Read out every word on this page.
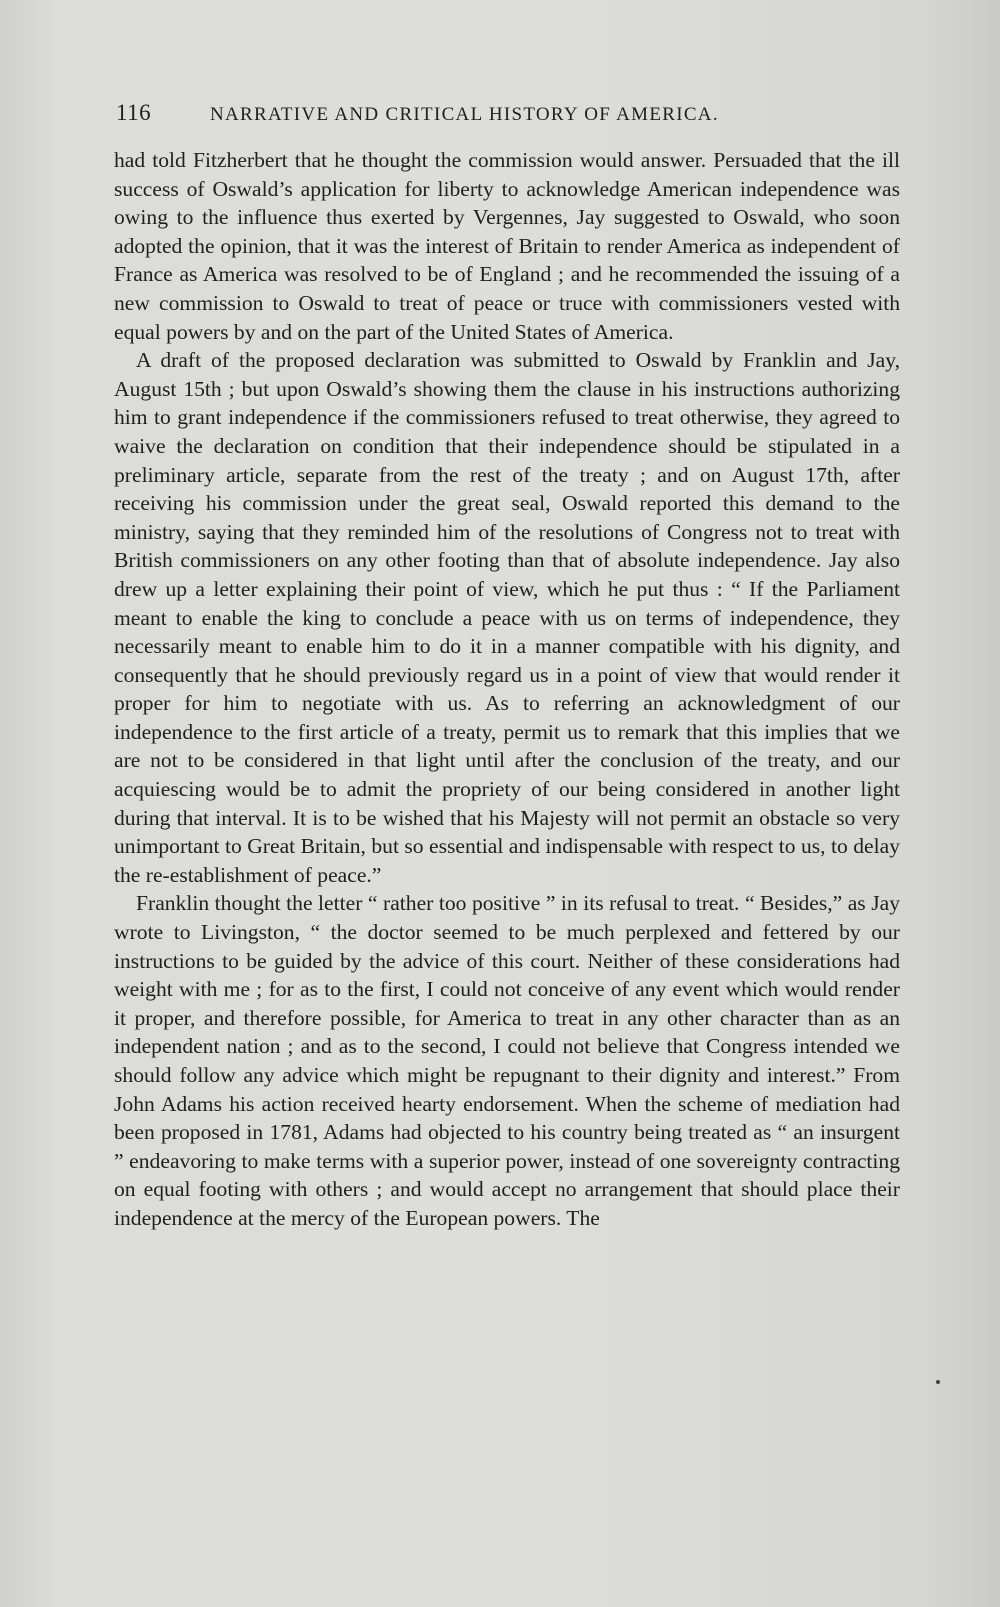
116	NARRATIVE AND CRITICAL HISTORY OF AMERICA.

had told Fitzherbert that he thought the commission would answer. Persuaded that the ill success of Oswald’s application for liberty to acknowledge American independence was owing to the influence thus exerted by Vergennes, Jay suggested to Oswald, who soon adopted the opinion, that it was the interest of Britain to render America as independent of France as America was resolved to be of England ; and he recommended the issuing of a new commission to Oswald to treat of peace or truce with commissioners vested with equal powers by and on the part of the United States of America.

A draft of the proposed declaration was submitted to Oswald by Franklin and Jay, August 15th ; but upon Oswald’s showing them the clause in his instructions authorizing him to grant independence if the commissioners refused to treat otherwise, they agreed to waive the declaration on condition that their independence should be stipulated in a preliminary article, separate from the rest of the treaty ; and on August 17th, after receiving his commission under the great seal, Oswald reported this demand to the ministry, saying that they reminded him of the resolutions of Congress not to treat with British commissioners on any other footing than that of absolute independence. Jay also drew up a letter explaining their point of view, which he put thus : “ If the Parliament meant to enable the king to conclude a peace with us on terms of independence, they necessarily meant to enable him to do it in a manner compatible with his dignity, and consequently that he should previously regard us in a point of view that would render it proper for him to negotiate with us. As to referring an acknowledgment of our independence to the first article of a treaty, permit us to remark that this implies that we are not to be considered in that light until after the conclusion of the treaty, and our acquiescing would be to admit the propriety of our being considered in another light during that interval. It is to be wished that his Majesty will not permit an obstacle so very unimportant to Great Britain, but so essential and indispensable with respect to us, to delay the re-establishment of peace.”

Franklin thought the letter “ rather too positive ” in its refusal to treat. “ Besides,” as Jay wrote to Livingston, “ the doctor seemed to be much perplexed and fettered by our instructions to be guided by the advice of this court. Neither of these considerations had weight with me ; for as to the first, I could not conceive of any event which would render it proper, and therefore possible, for America to treat in any other character than as an independent nation ; and as to the second, I could not believe that Congress intended we should follow any advice which might be repugnant to their dignity and interest.” From John Adams his action received hearty endorsement. When the scheme of mediation had been proposed in 1781, Adams had objected to his country being treated as “ an insurgent ” endeavoring to make terms with a superior power, instead of one sovereignty contracting on equal footing with others ; and would accept no arrangement that should place their independence at the mercy of the European powers. The
